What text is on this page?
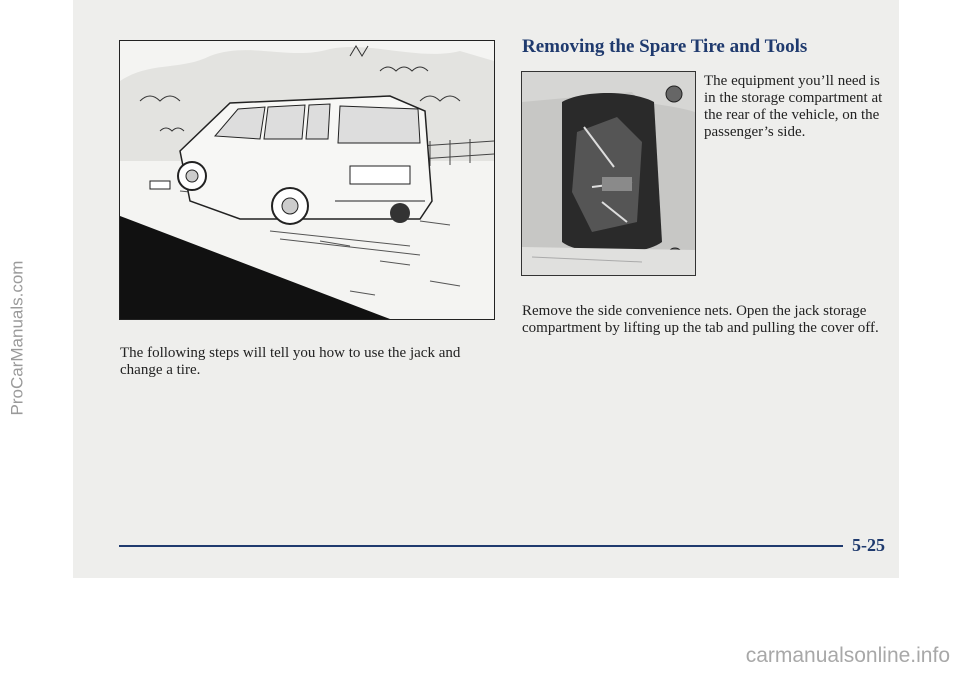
ProCarManuals.com
Removing the Spare Tire and Tools

The equipment you’ll need is in the storage compartment at the rear of the vehicle, on the passenger’s side.

Remove the side convenience nets. Open the jack storage compartment by lifting up the tab and pulling the cover off.

The following steps will tell you how to use the jack and change a tire.

5-25
carmanualsonline.info
